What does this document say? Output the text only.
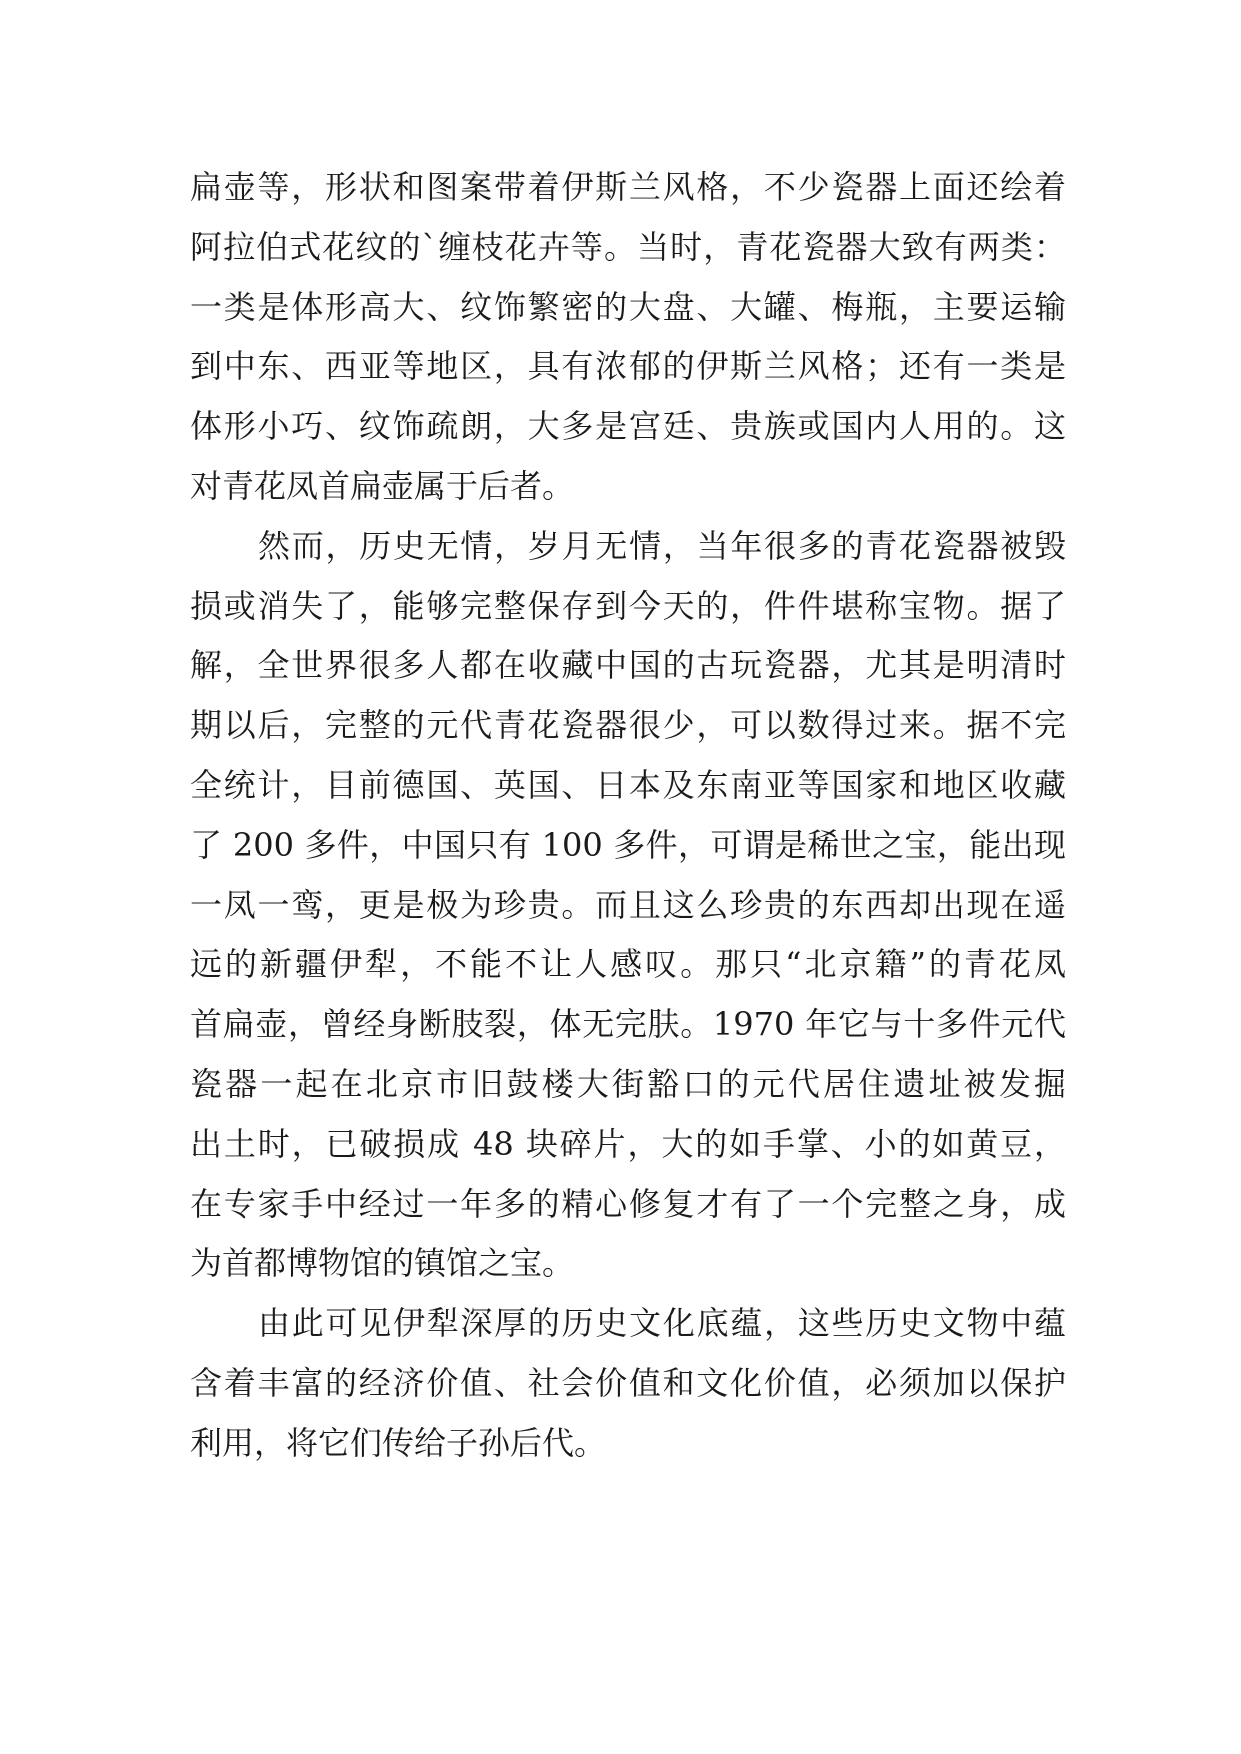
扁壶等，形状和图案带着伊斯兰风格，不少瓷器上面还绘着
阿拉伯式花纹的`缠枝花卉等。当时，青花瓷器大致有两类：
一类是体形高大、纹饰繁密的大盘、大罐、梅瓶，主要运输
到中东、西亚等地区，具有浓郁的伊斯兰风格；还有一类是
体形小巧、纹饰疏朗，大多是宫廷、贵族或国内人用的。这
对青花凤首扁壶属于后者。
然而，历史无情，岁月无情，当年很多的青花瓷器被毁
损或消失了，能够完整保存到今天的，件件堪称宝物。据了
解，全世界很多人都在收藏中国的古玩瓷器，尤其是明清时
期以后，完整的元代青花瓷器很少，可以数得过来。据不完
全统计，目前德国、英国、日本及东南亚等国家和地区收藏
了 200 多件，中国只有 100 多件，可谓是稀世之宝，能出现
一凤一鸾，更是极为珍贵。而且这么珍贵的东西却出现在遥
远的新疆伊犁，不能不让人感叹。那只“北京籍”的青花凤
首扁壶，曾经身断肢裂，体无完肤。1970 年它与十多件元代
瓷器一起在北京市旧鼓楼大街豁口的元代居住遗址被发掘
出土时，已破损成 48 块碎片，大的如手掌、小的如黄豆，
在专家手中经过一年多的精心修复才有了一个完整之身，成
为首都博物馆的镇馆之宝。
由此可见伊犁深厚的历史文化底蕴，这些历史文物中蕴
含着丰富的经济价值、社会价值和文化价值，必须加以保护
利用，将它们传给子孙后代。
